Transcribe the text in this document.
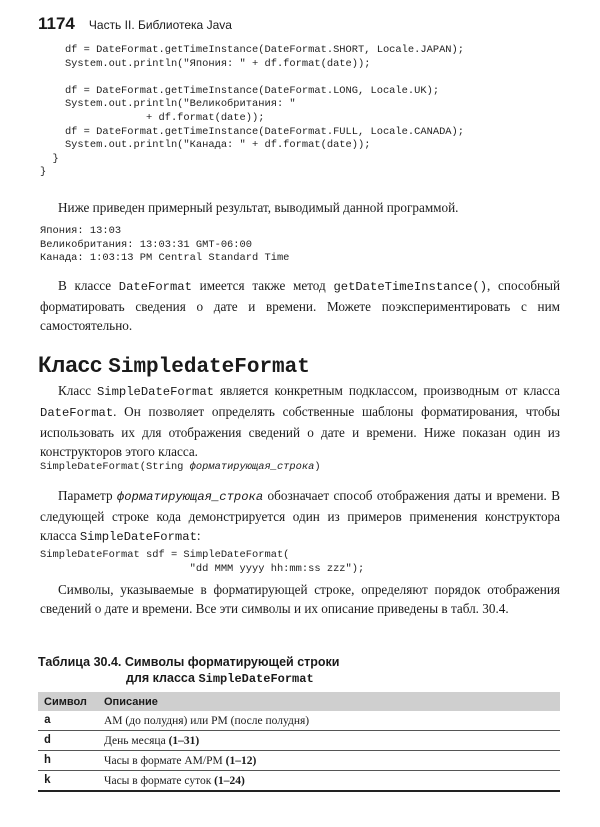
1174 Часть II. Библиотека Java
df = DateFormat.getTimeInstance(DateFormat.SHORT, Locale.JAPAN);
System.out.println("Япония: " + df.format(date));

df = DateFormat.getTimeInstance(DateFormat.LONG, Locale.UK);
System.out.println("Великобритания: "
+ df.format(date));
df = DateFormat.getTimeInstance(DateFormat.FULL, Locale.CANADA);
System.out.println("Канада: " + df.format(date));
}
}
Ниже приведен примерный результат, выводимый данной программой.
Япония: 13:03
Великобритания: 13:03:31 GMT-06:00
Канада: 1:03:13 PM Central Standard Time
В классе DateFormat имеется также метод getDateTimeInstance(), способный форматировать сведения о дате и времени. Можете поэкспериментировать с ним самостоятельно.
Класс SimpledateFormat
Класс SimpleDateFormat является конкретным подклассом, производным от класса DateFormat. Он позволяет определять собственные шаблоны форматирования, чтобы использовать их для отображения сведений о дате и времени. Ниже показан один из конструкторов этого класса.
SimpleDateFormat(String форматирующая_строка)
Параметр форматирующая_строка обозначает способ отображения даты и времени. В следующей строке кода демонстрируется один из примеров применения конструктора класса SimpleDateFormat:
SimpleDateFormat sdf = SimpleDateFormat(
"dd MMM yyyy hh:mm:ss zzz");
Символы, указываемые в форматирующей строке, определяют порядок отображения сведений о дате и времени. Все эти символы и их описание приведены в табл. 30.4.
Таблица 30.4. Символы форматирующей строки
для класса SimpleDateFormat
Символ	Описание
a	AM (до полудня) или PM (после полудня)
d	День месяца (1–31)
h	Часы в формате AM/PM (1–12)
k	Часы в формате суток (1–24)
